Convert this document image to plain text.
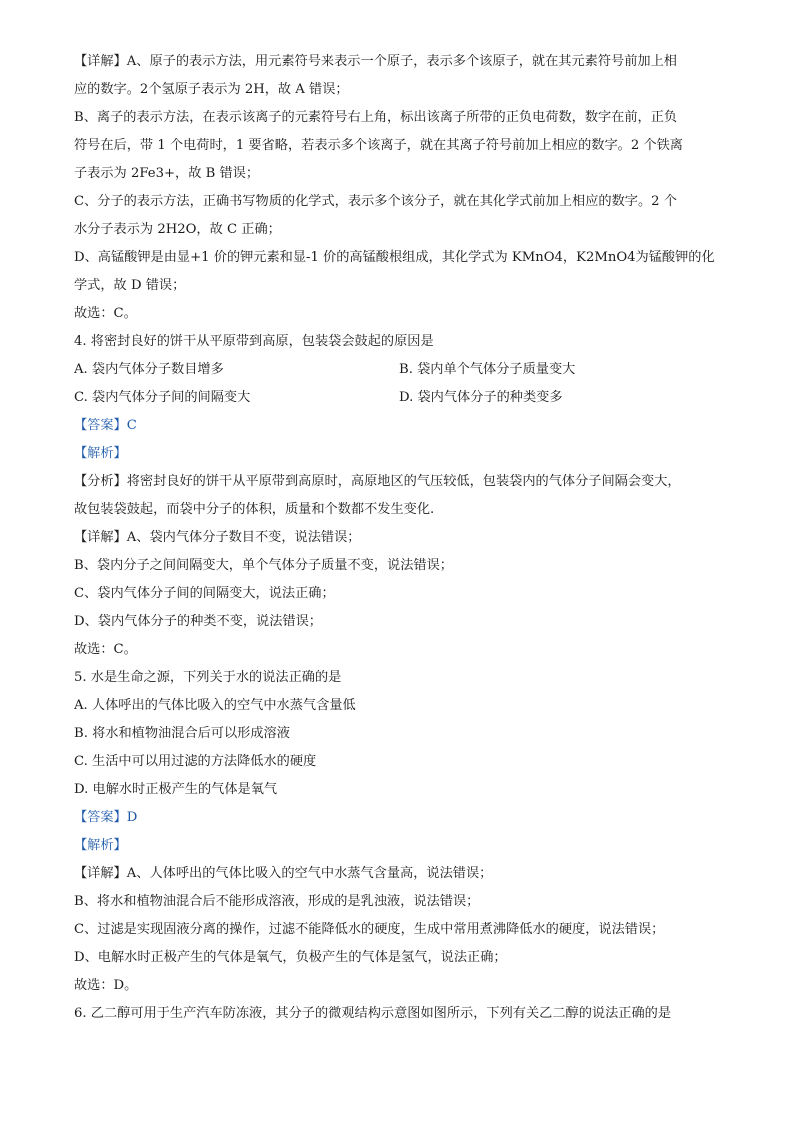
【详解】A、原子的表示方法，用元素符号来表示一个原子，表示多个该原子，就在其元素符号前加上相
应的数字。2个氢原子表示为 2H，故 A 错误；
B、离子的表示方法，在表示该离子的元素符号右上角，标出该离子所带的正负电荷数，数字在前，正负
符号在后，带 1 个电荷时，1 要省略，若表示多个该离子，就在其离子符号前加上相应的数字。2 个铁离
子表示为 2Fe3+，故 B 错误；
C、分子的表示方法，正确书写物质的化学式，表示多个该分子，就在其化学式前加上相应的数字。2 个
水分子表示为 2H2O，故 C 正确；
D、高锰酸钾是由显+1 价的钾元素和显-1 价的高锰酸根组成，其化学式为 KMnO4，K2MnO4为锰酸钾的化
学式，故 D 错误；
故选：C。
4. 将密封良好的饼干从平原带到高原，包装袋会鼓起的原因是
A. 袋内气体分子数目增多	B. 袋内单个气体分子质量变大
C. 袋内气体分子间的间隔变大	D. 袋内气体分子的种类变多
【答案】C
【解析】
【分析】将密封良好的饼干从平原带到高原时，高原地区的气压较低，包装袋内的气体分子间隔会变大，
故包装袋鼓起，而袋中分子的体积，质量和个数都不发生变化.
【详解】A、袋内气体分子数目不变，说法错误；
B、袋内分子之间间隔变大，单个气体分子质量不变，说法错误；
C、袋内气体分子间的间隔变大，说法正确；
D、袋内气体分子的种类不变，说法错误；
故选：C。
5. 水是生命之源，下列关于水的说法正确的是
A. 人体呼出的气体比吸入的空气中水蒸气含量低
B. 将水和植物油混合后可以形成溶液
C. 生活中可以用过滤的方法降低水的硬度
D. 电解水时正极产生的气体是氧气
【答案】D
【解析】
【详解】A、人体呼出的气体比吸入的空气中水蒸气含量高，说法错误；
B、将水和植物油混合后不能形成溶液，形成的是乳浊液，说法错误；
C、过滤是实现固液分离的操作，过滤不能降低水的硬度，生成中常用煮沸降低水的硬度，说法错误；
D、电解水时正极产生的气体是氧气，负极产生的气体是氢气，说法正确；
故选：D。
6. 乙二醇可用于生产汽车防冻液，其分子的微观结构示意图如图所示，下列有关乙二醇的说法正确的是
